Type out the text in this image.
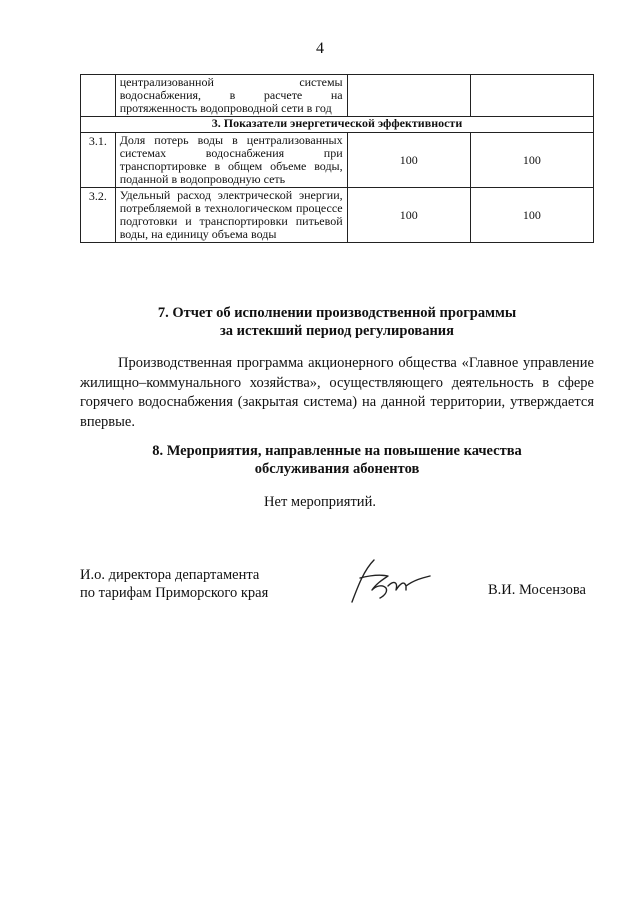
4
	централизованной системы водоснабжения, в расчете на протяженность водопроводной сети в год		
3. Показатели энергетической эффективности			
3.1.	Доля потерь воды в централизованных системах водоснабжения при транспортировке в общем объеме воды, поданной в водопроводную сеть	100	100
3.2.	Удельный расход электрической энергии, потребляемой в технологическом процессе подготовки и транспортировки питьевой воды, на единицу объема воды	100	100
7. Отчет об исполнении производственной программы
за истекший период регулирования
Производственная программа акционерного общества «Главное управление жилищно–коммунального хозяйства», осуществляющего деятельность в сфере горячего водоснабжения (закрытая система) на данной территории, утверждается впервые.
8. Мероприятия, направленные на повышение качества
обслуживания абонентов
Нет мероприятий.
И.о. директора департамента
по тарифам Приморского края	В.И. Мосензова
